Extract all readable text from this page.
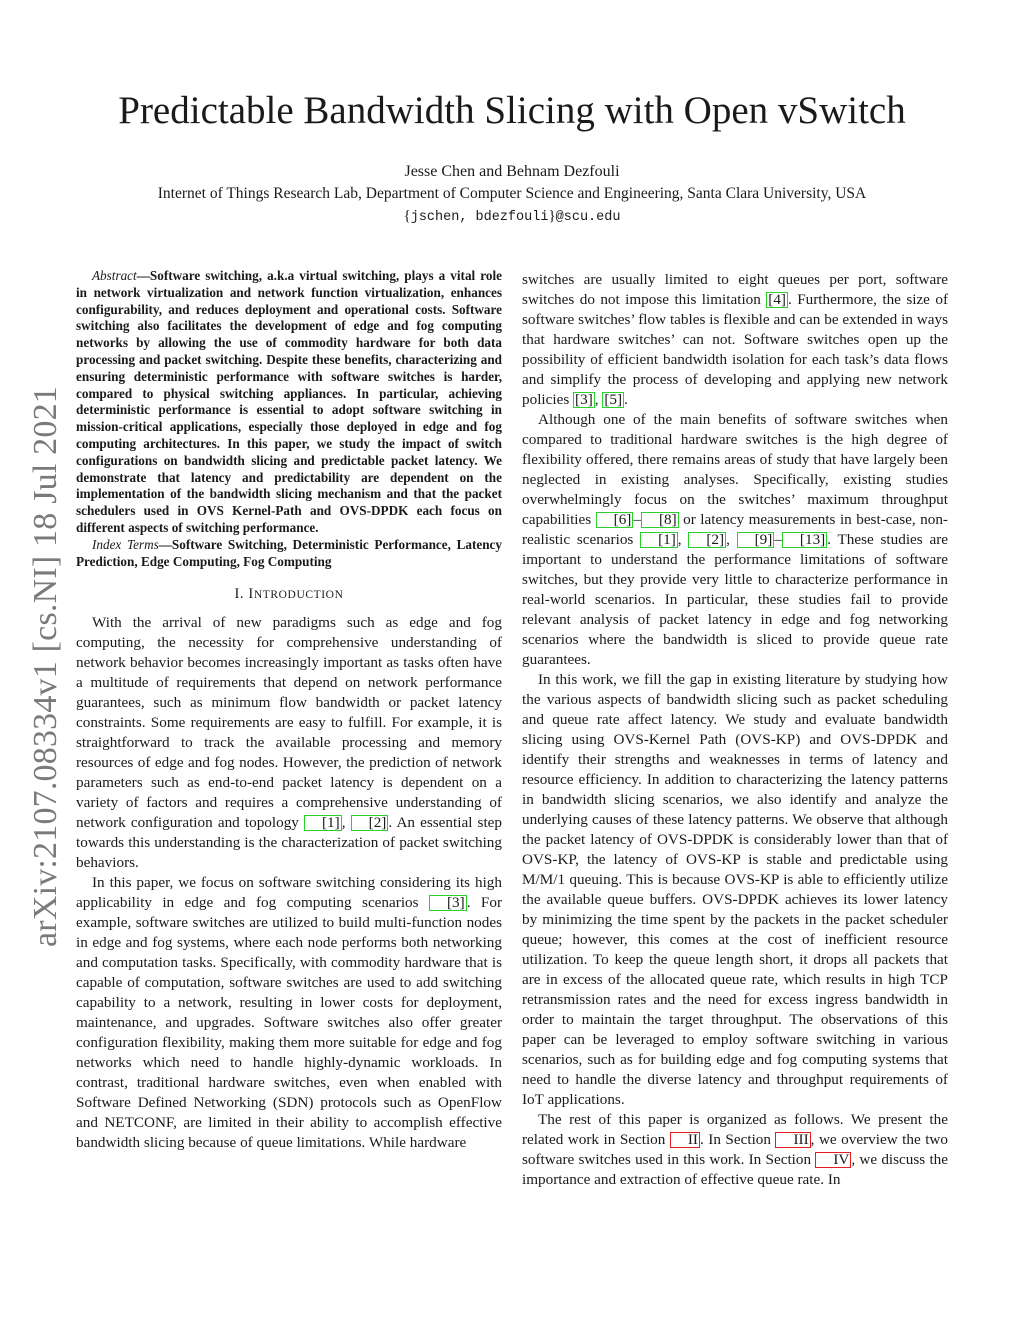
arXiv:2107.08334v1 [cs.NI] 18 Jul 2021
Predictable Bandwidth Slicing with Open vSwitch
Jesse Chen and Behnam Dezfouli
Internet of Things Research Lab, Department of Computer Science and Engineering, Santa Clara University, USA
{jschen, bdezfouli}@scu.edu

Abstract—Software switching, a.k.a virtual switching, plays a vital role in network virtualization and network function virtualization, enhances configurability, and reduces deployment and operational costs. Software switching also facilitates the development of edge and fog computing networks by allowing the use of commodity hardware for both data processing and packet switching. Despite these benefits, characterizing and ensuring deterministic performance with software switches is harder, compared to physical switching appliances. In particular, achieving deterministic performance is essential to adopt software switching in mission-critical applications, especially those deployed in edge and fog computing architectures. In this paper, we study the impact of switch configurations on bandwidth slicing and predictable packet latency. We demonstrate that latency and predictability are dependent on the implementation of the bandwidth slicing mechanism and that the packet schedulers used in OVS Kernel-Path and OVS-DPDK each focus on different aspects of switching performance.

Index Terms—Software Switching, Deterministic Performance, Latency Prediction, Edge Computing, Fog Computing

I. INTRODUCTION

With the arrival of new paradigms such as edge and fog computing, the necessity for comprehensive understanding of network behavior becomes increasingly important as tasks often have a multitude of requirements that depend on network performance guarantees, such as minimum flow bandwidth or packet latency constraints. Some requirements are easy to fulfill. For example, it is straightforward to track the available processing and memory resources of edge and fog nodes. However, the prediction of network parameters such as end-to-end packet latency is dependent on a variety of factors and requires a comprehensive understanding of network configuration and topology [1] , [2] . An essential step towards this understanding is the characterization of packet switching behaviors.

In this paper, we focus on software switching considering its high applicability in edge and fog computing scenarios [3] . For example, software switches are utilized to build multi-function nodes in edge and fog systems, where each node performs both networking and computation tasks. Specifically, with commodity hardware that is capable of computation, software switches are used to add switching capability to a network, resulting in lower costs for deployment, maintenance, and upgrades. Software switches also offer greater configuration flexibility, making them more suitable for edge and fog networks which need to handle highly-dynamic workloads. In contrast, traditional hardware switches, even when enabled with Software Defined Networking (SDN) protocols such as OpenFlow and NETCONF, are limited in their ability to accomplish effective bandwidth slicing because of queue limitations. While hardware

switches are usually limited to eight queues per port, software switches do not impose this limitation [4] . Furthermore, the size of software switches’ flow tables is flexible and can be extended in ways that hardware switches’ can not. Software switches open up the possibility of efficient bandwidth isolation for each task’s data flows and simplify the process of developing and applying new network policies [3] , [5] .

Although one of the main benefits of software switches when compared to traditional hardware switches is the high degree of flexibility offered, there remains areas of study that have largely been neglected in existing analyses. Specifically, existing studies overwhelmingly focus on the switches’ maximum throughput capabilities [6] – [8] or latency measurements in best-case, non-realistic scenarios [1] , [2] , [9] – [13] . These studies are important to understand the performance limitations of software switches, but they provide very little to characterize performance in real-world scenarios. In particular, these studies fail to provide relevant analysis of packet latency in edge and fog networking scenarios where the bandwidth is sliced to provide queue rate guarantees.

In this work, we fill the gap in existing literature by studying how the various aspects of bandwidth slicing such as packet scheduling and queue rate affect latency. We study and evaluate bandwidth slicing using OVS-Kernel Path (OVS-KP) and OVS-DPDK and identify their strengths and weaknesses in terms of latency and resource efficiency. In addition to characterizing the latency patterns in bandwidth slicing scenarios, we also identify and analyze the underlying causes of these latency patterns. We observe that although the packet latency of OVS-DPDK is considerably lower than that of OVS-KP, the latency of OVS-KP is stable and predictable using M/M/1 queuing. This is because OVS-KP is able to efficiently utilize the available queue buffers. OVS-DPDK achieves its lower latency by minimizing the time spent by the packets in the packet scheduler queue; however, this comes at the cost of inefficient resource utilization. To keep the queue length short, it drops all packets that are in excess of the allocated queue rate, which results in high TCP retransmission rates and the need for excess ingress bandwidth in order to maintain the target throughput. The observations of this paper can be leveraged to employ software switching in various scenarios, such as for building edge and fog computing systems that need to handle the diverse latency and throughput requirements of IoT applications.

The rest of this paper is organized as follows. We present the related work in Section II . In Section III , we overview the two software switches used in this work. In Section IV , we discuss the importance and extraction of effective queue rate. In
